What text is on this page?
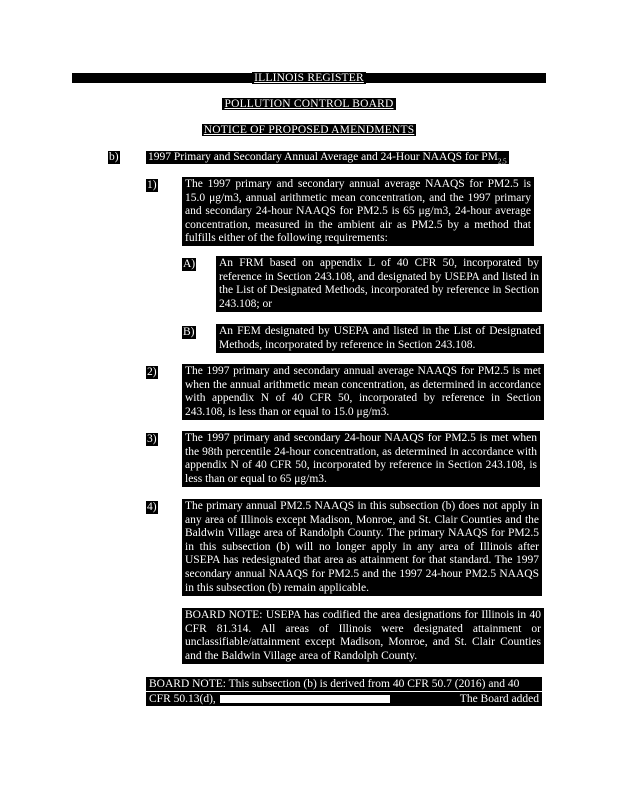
ILLINOIS REGISTER
POLLUTION CONTROL BOARD
NOTICE OF PROPOSED AMENDMENTS
b)	1997 Primary and Secondary Annual Average and 24-Hour NAAQS for $PM_{2.5}$
1) The 1997 primary and secondary annual average NAAQS for PM2.5 is 15.0 μg/m3, annual arithmetic mean concentration, and the 1997 primary and secondary 24-hour NAAQS for PM2.5 is 65 μg/m3, 24-hour average concentration, measured in the ambient air as PM2.5 by a method that fulfills either of the following requirements:
A) An FRM based on appendix L of 40 CFR 50, incorporated by reference in Section 243.108, and designated by USEPA and listed in the List of Designated Methods, incorporated by reference in Section 243.108; or
B) An FEM designated by USEPA and listed in the List of Designated Methods, incorporated by reference in Section 243.108.
2) The 1997 primary and secondary annual average NAAQS for PM2.5 is met when the annual arithmetic mean concentration, as determined in accordance with appendix N of 40 CFR 50, incorporated by reference in Section 243.108, is less than or equal to 15.0 μg/m3.
3) The 1997 primary and secondary 24-hour NAAQS for PM2.5 is met when the 98th percentile 24-hour concentration, as determined in accordance with appendix N of 40 CFR 50, incorporated by reference in Section 243.108, is less than or equal to 65 μg/m3.
4) The primary annual PM2.5 NAAQS in this subsection (b) does not apply in any area of Illinois except Madison, Monroe, and St. Clair Counties and the Baldwin Village area of Randolph County. The primary NAAQS for PM2.5 in this subsection (b) will no longer apply in any area of Illinois after USEPA has redesignated that area as attainment for that standard. The 1997 secondary annual NAAQS for PM2.5 and the 1997 24-hour PM2.5 NAAQS in this subsection (b) remain applicable.
BOARD NOTE: USEPA has codified the area designations for Illinois in 40 CFR 81.314. All areas of Illinois were designated attainment or unclassifiable/attainment except Madison, Monroe, and St. Clair Counties and the Baldwin Village area of Randolph County.
BOARD NOTE: This subsection (b) is derived from 40 CFR 50.7 (2016) and 40
CFR 50.13(d),	The Board added
